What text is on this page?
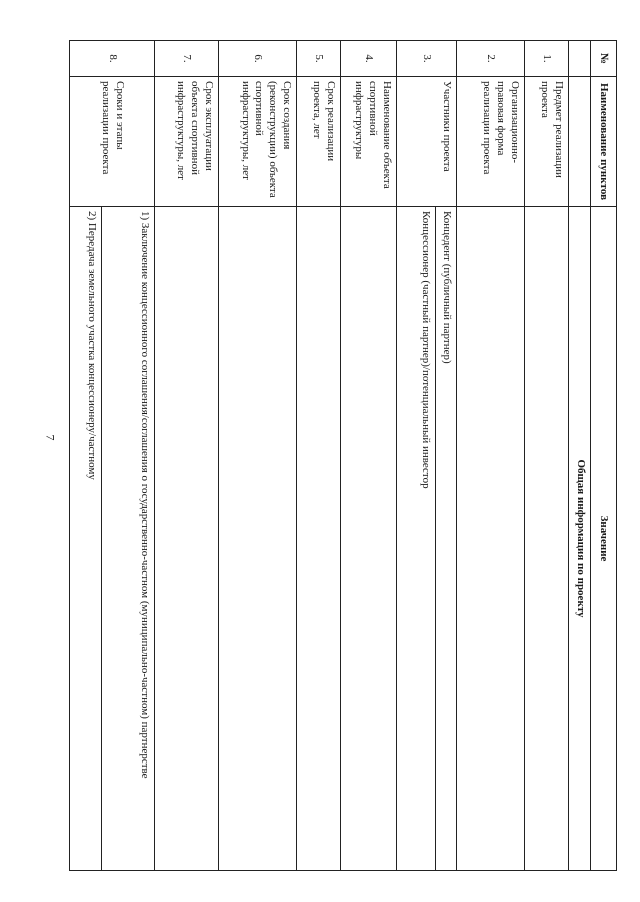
7
№	Наименование пунктов	Значение
		Общая информация по проекту
1.	Предмет реализации проекта	
2.	Организационно-правовая форма реализации проекта	
3.	Участники проекта	Концедент (публичный партнер)
Концессионер (частный партнер)/потенциальный инвестор

4.	Наименование объекта спортивной инфраструктуры	
5.	Срок реализации проекта, лет	
6.	Срок создания (реконструкции) объекта спортивной инфраструктуры, лет	
7.	Срок эксплуатации объекта спортивной инфраструктуры, лет	
8.	Сроки и этапы реализации проекта	1) Заключение концессионного соглашения/соглашения о государственно-частном (муниципально-частном) партнерстве
2) Передача земельного участка концессионеру/частному
